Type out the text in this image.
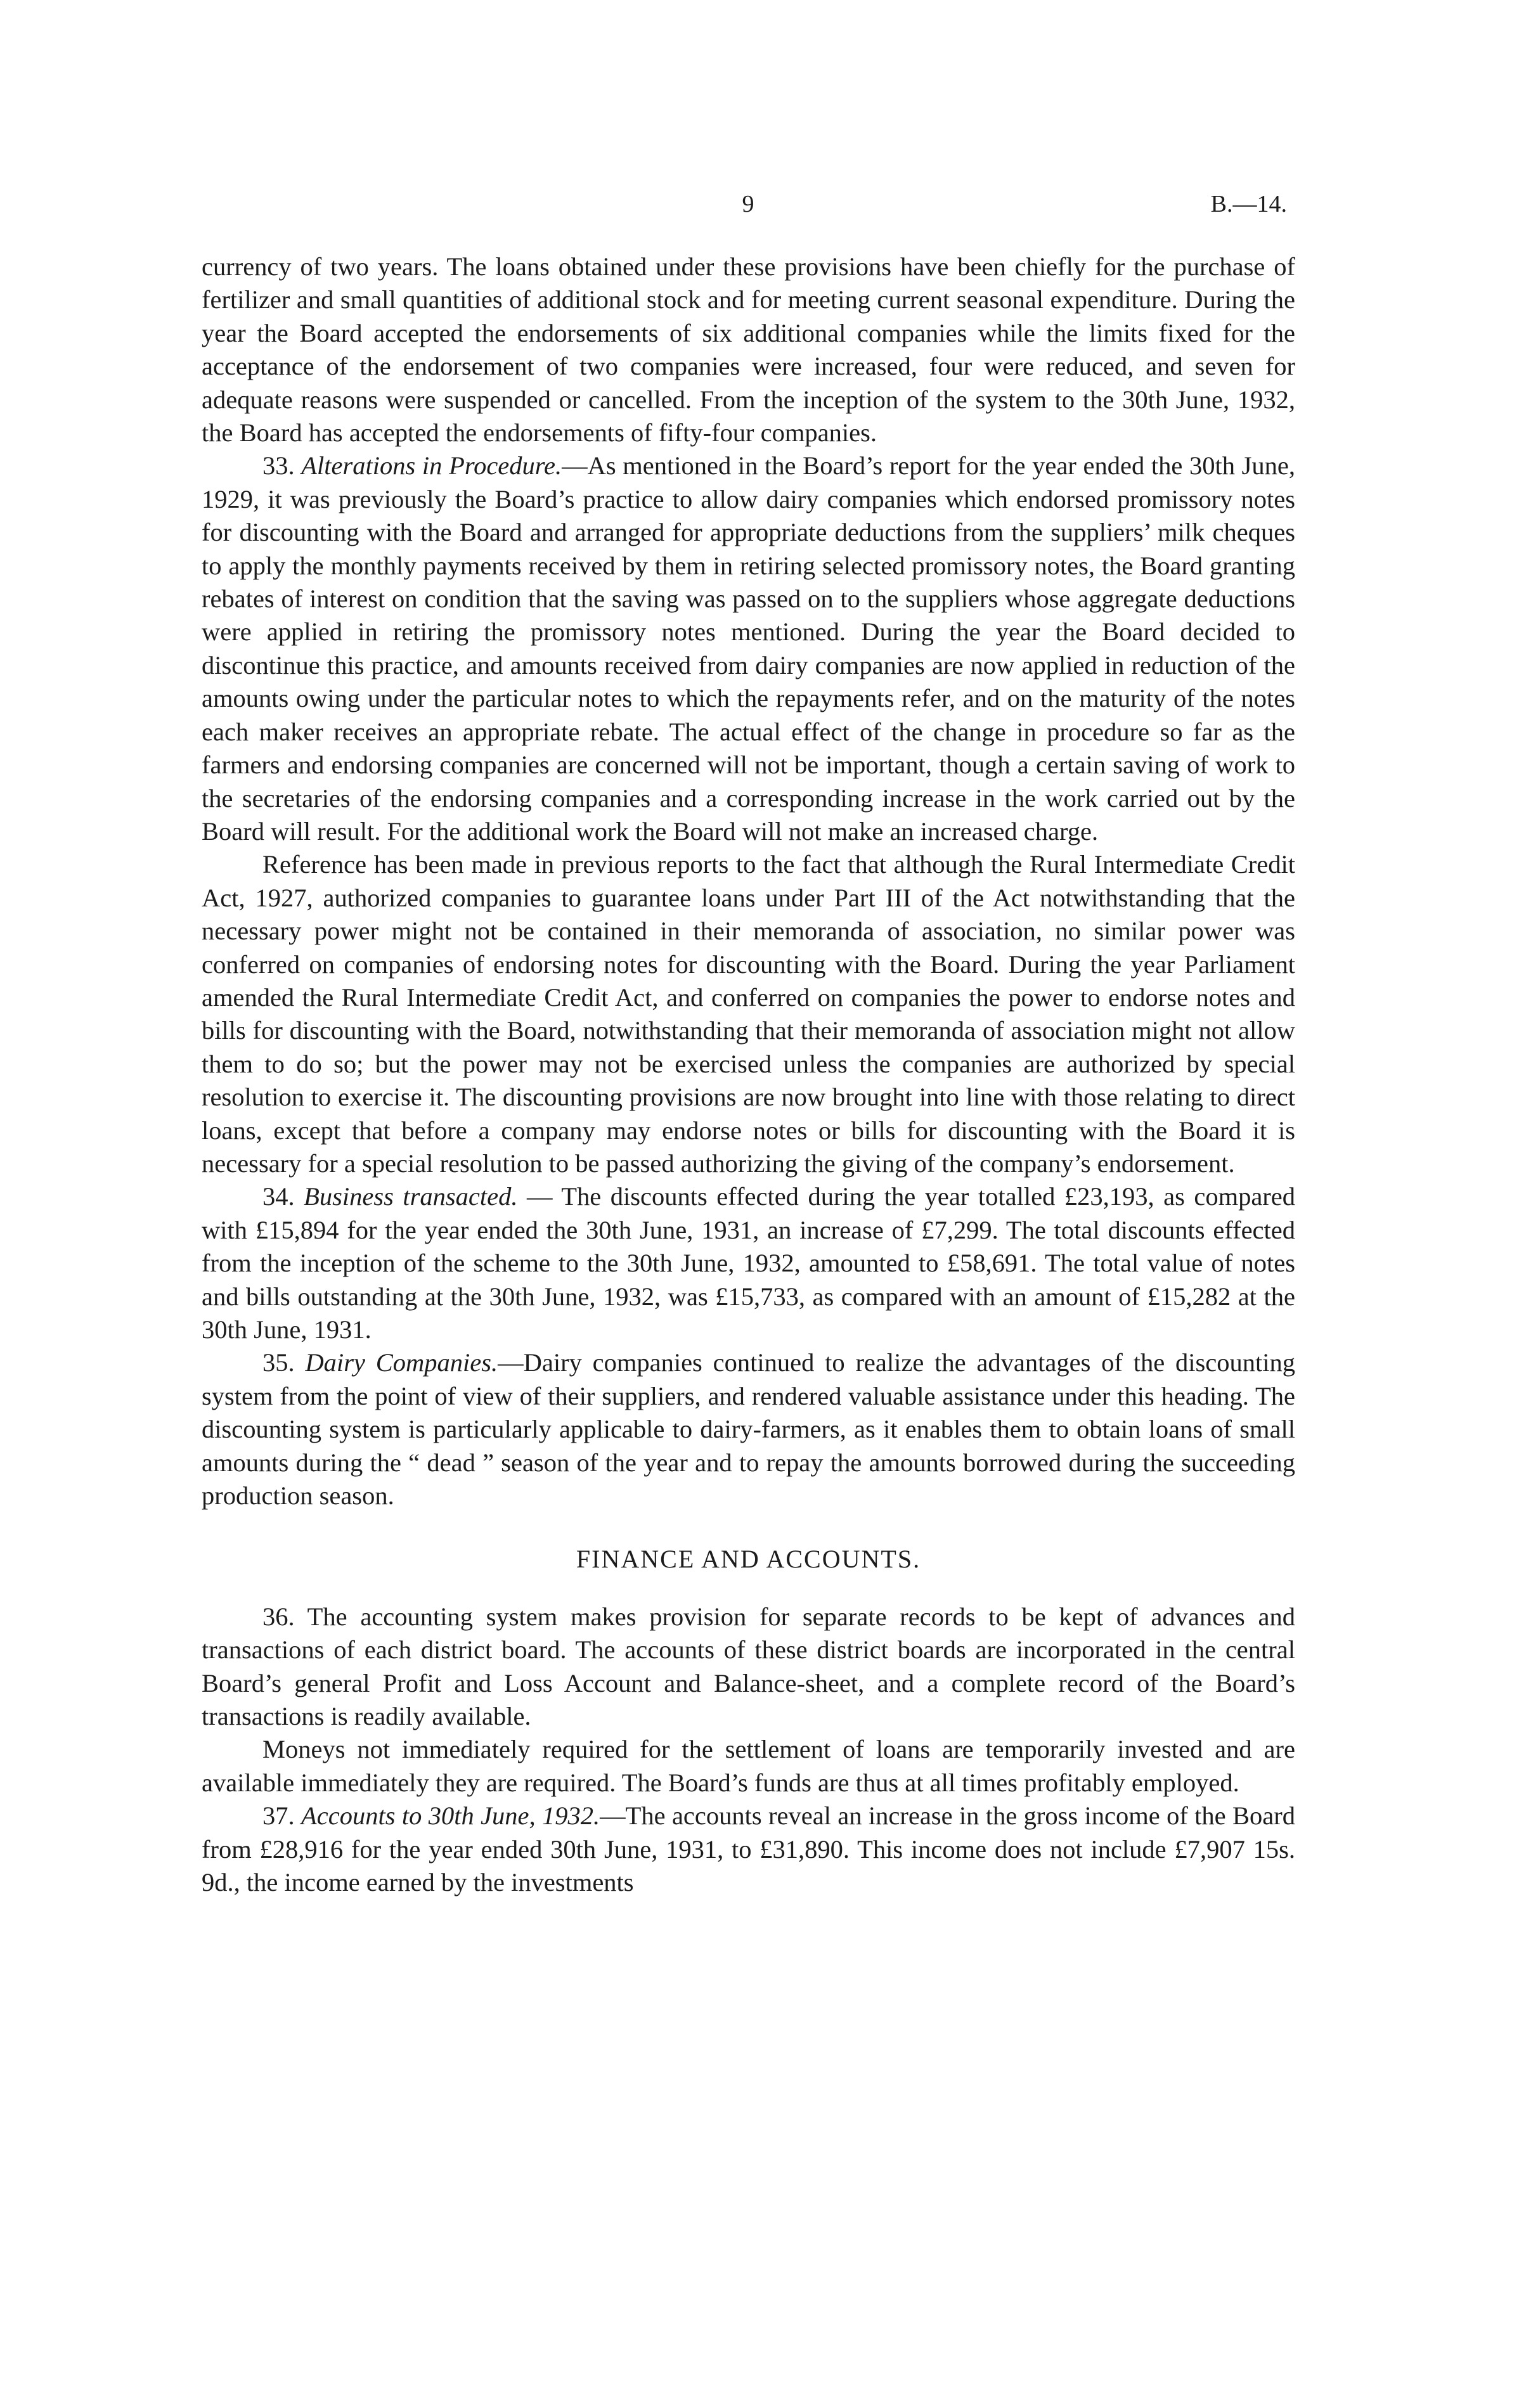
9	B.—14.

currency of two years. The loans obtained under these provisions have been chiefly for the purchase of fertilizer and small quantities of additional stock and for meeting current seasonal expenditure. During the year the Board accepted the endorsements of six additional companies while the limits fixed for the acceptance of the endorsement of two companies were increased, four were reduced, and seven for adequate reasons were suspended or cancelled. From the inception of the system to the 30th June, 1932, the Board has accepted the endorsements of fifty-four companies.

33. Alterations in Procedure.—As mentioned in the Board’s report for the year ended the 30th June, 1929, it was previously the Board’s practice to allow dairy companies which endorsed promissory notes for discounting with the Board and arranged for appropriate deductions from the suppliers’ milk cheques to apply the monthly payments received by them in retiring selected promissory notes, the Board granting rebates of interest on condition that the saving was passed on to the suppliers whose aggregate deductions were applied in retiring the promissory notes mentioned. During the year the Board decided to discontinue this practice, and amounts received from dairy companies are now applied in reduction of the amounts owing under the particular notes to which the repayments refer, and on the maturity of the notes each maker receives an appropriate rebate. The actual effect of the change in procedure so far as the farmers and endorsing companies are concerned will not be important, though a certain saving of work to the secretaries of the endorsing companies and a corresponding increase in the work carried out by the Board will result. For the additional work the Board will not make an increased charge.

Reference has been made in previous reports to the fact that although the Rural Intermediate Credit Act, 1927, authorized companies to guarantee loans under Part III of the Act notwithstanding that the necessary power might not be contained in their memoranda of association, no similar power was conferred on companies of endorsing notes for discounting with the Board. During the year Parliament amended the Rural Intermediate Credit Act, and conferred on companies the power to endorse notes and bills for discounting with the Board, notwithstanding that their memoranda of association might not allow them to do so; but the power may not be exercised unless the companies are authorized by special resolution to exercise it. The discounting provisions are now brought into line with those relating to direct loans, except that before a company may endorse notes or bills for discounting with the Board it is necessary for a special resolution to be passed authorizing the giving of the company’s endorsement.

34. Business transacted. — The discounts effected during the year totalled £23,193, as compared with £15,894 for the year ended the 30th June, 1931, an increase of £7,299. The total discounts effected from the inception of the scheme to the 30th June, 1932, amounted to £58,691. The total value of notes and bills outstanding at the 30th June, 1932, was £15,733, as compared with an amount of £15,282 at the 30th June, 1931.

35. Dairy Companies.—Dairy companies continued to realize the advantages of the discounting system from the point of view of their suppliers, and rendered valuable assistance under this heading. The discounting system is particularly applicable to dairy-farmers, as it enables them to obtain loans of small amounts during the “ dead ” season of the year and to repay the amounts borrowed during the succeeding production season.

FINANCE AND ACCOUNTS.

36. The accounting system makes provision for separate records to be kept of advances and transactions of each district board. The accounts of these district boards are incorporated in the central Board’s general Profit and Loss Account and Balance-sheet, and a complete record of the Board’s transactions is readily available.

Moneys not immediately required for the settlement of loans are temporarily invested and are available immediately they are required. The Board’s funds are thus at all times profitably employed.

37. Accounts to 30th June, 1932.—The accounts reveal an increase in the gross income of the Board from £28,916 for the year ended 30th June, 1931, to £31,890. This income does not include £7,907 15s. 9d., the income earned by the investments
